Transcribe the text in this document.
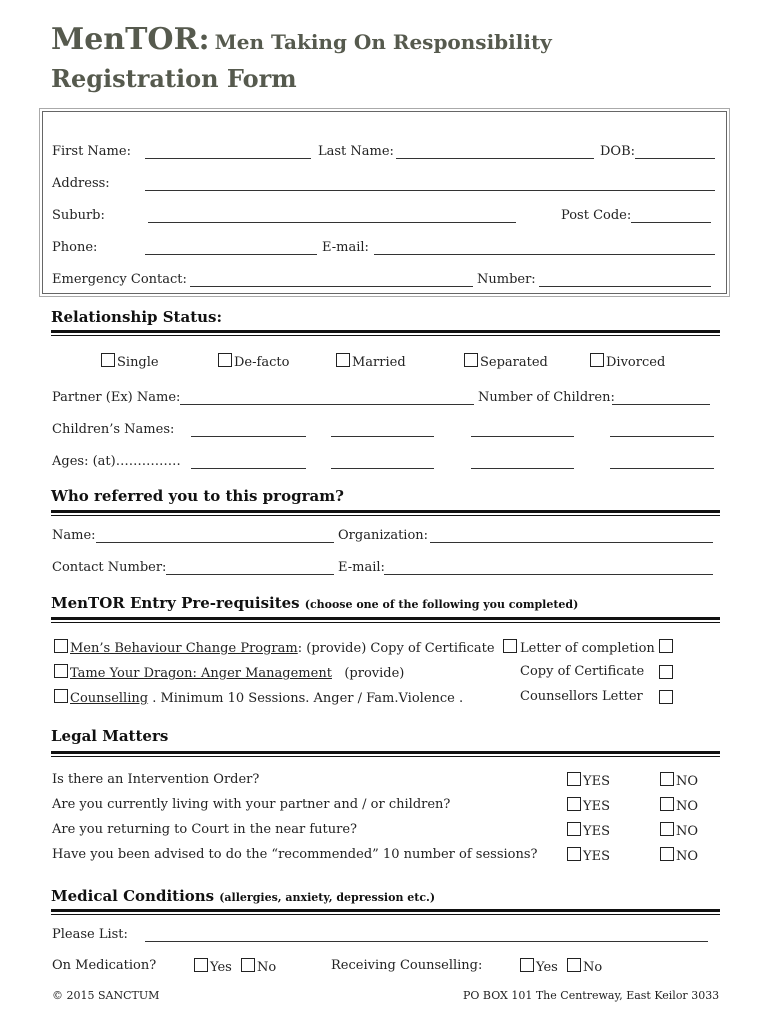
MenTOR: Men Taking On Responsibility
Registration Form
First Name:	Last Name:	DOB:
Address:
Suburb:	Post Code:
Phone:	E-mail:
Emergency Contact:	Number:
Relationship Status:
Single	De-facto	Married	Separated	Divorced
Partner (Ex) Name:	Number of Children:
Children’s Names:
Ages: (at)……………
Who referred you to this program?
Name:	Organization:
Contact Number:	E-mail:
MenTOR Entry Pre-requisites (choose one of the following you completed)
Men’s Behaviour Change Program: (provide) Copy of Certificate	Letter of completion
Tame Your Dragon: Anger Management (provide)	Copy of Certificate
Counselling . Minimum 10 Sessions. Anger / Fam.Violence .	Counsellors Letter
Legal Matters
Is there an Intervention Order?	YES	NO
Are you currently living with your partner and / or children?	YES	NO
Are you returning to Court in the near future?	YES	NO
Have you been advised to do the “recommended” 10 number of sessions?	YES	NO
Medical Conditions (allergies, anxiety, depression etc.)
Please List:
On Medication?	Yes	No	Receiving Counselling:	Yes	No
© 2015 SANCTUM	PO BOX 101 The Centreway, East Keilor 3033
